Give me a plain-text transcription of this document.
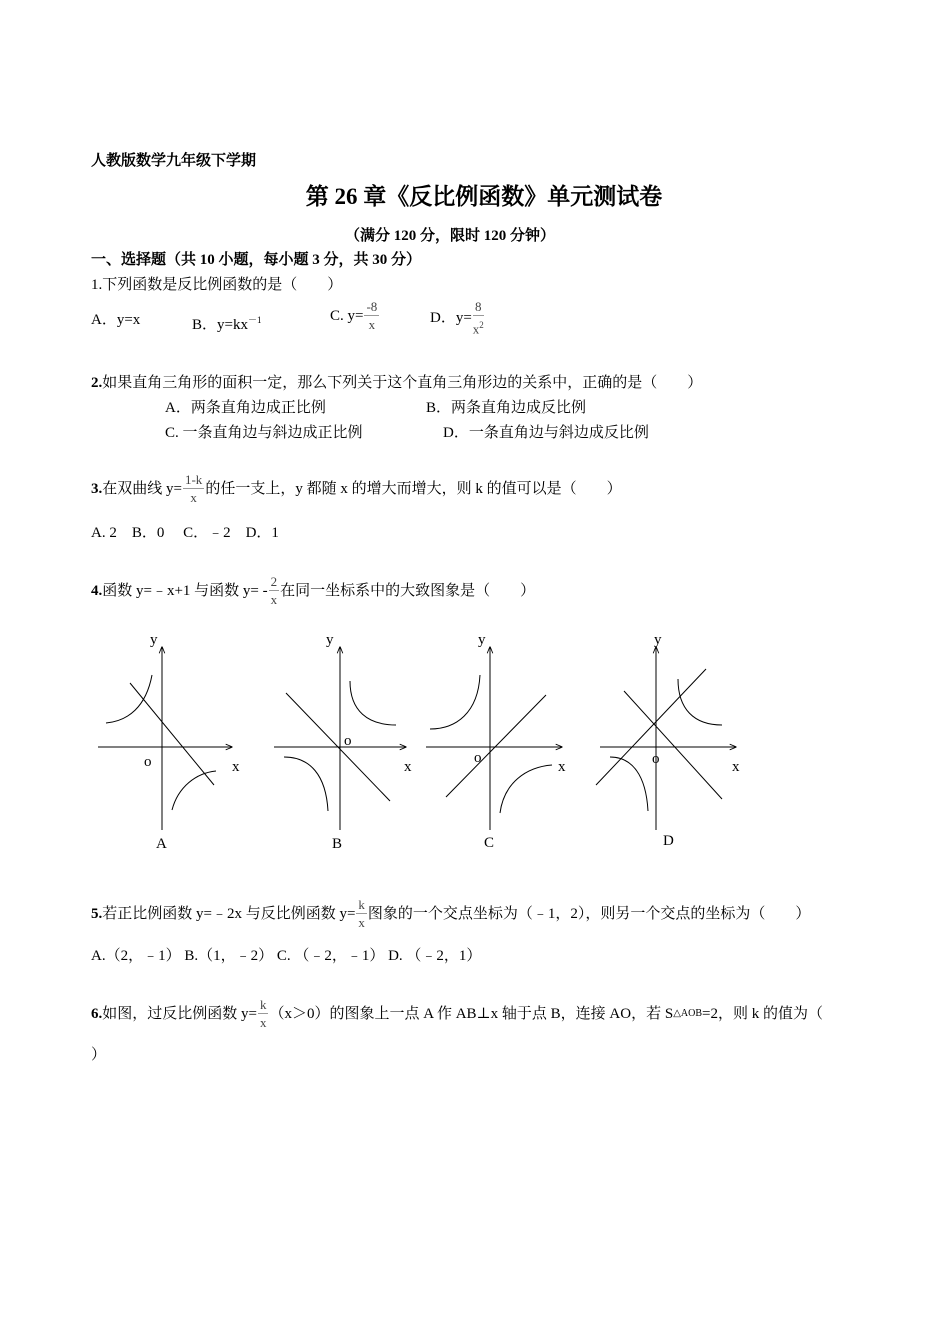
人教版数学九年级下学期
第 26 章《反比例函数》单元测试卷
（满分 120 分，限时 120 分钟）
一、选择题（共 10 小题，每小题 3 分，共 30 分）
1.下列函数是反比例函数的是（　　）
A．y=x	B．$y=kx^{-1}$	C. $y= \frac{-8}{x}$	D．$y= \frac{8}{x^2}$
2.如果直角三角形的面积一定，那么下列关于这个直角三角形边的关系中，正确的是（　　）
A．两条直角边成正比例	B．两条直角边成反比例
C. 一条直角边与斜边成正比例	D．一条直角边与斜边成反比例
3. 在双曲线 $y= \frac{1-k}{x}$ 的任一支上，y 都随 x 的增大而增大，则 k 的值可以是（　　）
A. 2　B．0　 C．﹣2　D．1
4. 函数 y=﹣x+1 与函数 $y= - \frac{2}{x}$ 在同一坐标系中的大致图象是（　　）
y
x
o
A
y
x
o
B
y
x
o
C
y
x
o
D
5. 若正比例函数 y=﹣2x 与反比例函数 $y= \frac{k}{x}$ 图象的一个交点坐标为（﹣1，2），则另一个交点的坐标为（　　）
A.（2，﹣1） B.（1，﹣2） C. （﹣2，﹣1） D. （﹣2，1）
6. 如图，过反比例函数 $y= \frac{k}{x} (x>0)$的图象上一点 A 作 AB⊥x 轴于点 B，连接 AO，若 S △AOB =2，则 k 的值为（
）
